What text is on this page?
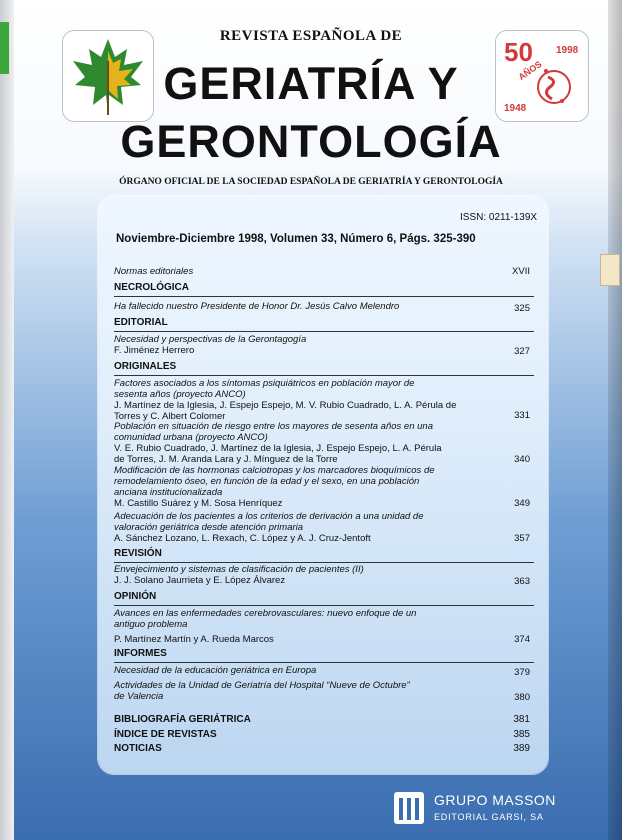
50 1998
1948
AÑOS
REVISTA ESPAÑOLA DE
GERIATRÍA Y
GERONTOLOGÍA
ÓRGANO OFICIAL DE LA SOCIEDAD ESPAÑOLA DE GERIATRÍA Y GERONTOLOGÍA
ISSN: 0211-139X
Noviembre-Diciembre 1998, Volumen 33, Número 6, Págs. 325-390
Normas editoriales	XVII
NECROLÓGICA
Ha fallecido nuestro Presidente de Honor Dr. Jesús Calvo Melendro	325
EDITORIAL
Necesidad y perspectivas de la Gerontagogía
F. Jiménez Herrero	327
ORIGINALES
Factores asociados a los síntomas psiquiátricos en población mayor de
sesenta años (proyecto ANCO)
J. Martínez de la Iglesia, J. Espejo Espejo, M. V. Rubio Cuadrado, L. A. Pérula de
Torres y C. Albert Colomer	331
Población en situación de riesgo entre los mayores de sesenta años en una
comunidad urbana (proyecto ANCO)
V. E. Rubio Cuadrado, J. Martínez de la Iglesia, J. Espejo Espejo, L. A. Pérula
de Torres, J. M. Aranda Lara y J. Mínguez de la Torre	340
Modificación de las hormonas calciotropas y los marcadores bioquímicos de
remodelamiento óseo, en función de la edad y el sexo, en una población
anciana institucionalizada
M. Castillo Suárez y M. Sosa Henríquez	349
Adecuación de los pacientes a los criterios de derivación a una unidad de
valoración geriátrica desde atención primaria
A. Sánchez Lozano, L. Rexach, C. López y A. J. Cruz-Jentoft	357
REVISIÓN
Envejecimiento y sistemas de clasificación de pacientes (II)
J. J. Solano Jaurrieta y E. López Álvarez	363
OPINIÓN
Avances en las enfermedades cerebrovasculares: nuevo enfoque de un
antiguo problema
P. Martínez Martín y A. Rueda Marcos	374
INFORMES
Necesidad de la educación geriátrica en Europa	379
Actividades de la Unidad de Geriatría del Hospital “Nueve de Octubre”
de Valencia	380
BIBLIOGRAFÍA GERIÁTRICA	381
ÍNDICE DE REVISTAS	385
NOTICIAS	389
GRUPO MASSON
EDITORIAL GARSI, SA
